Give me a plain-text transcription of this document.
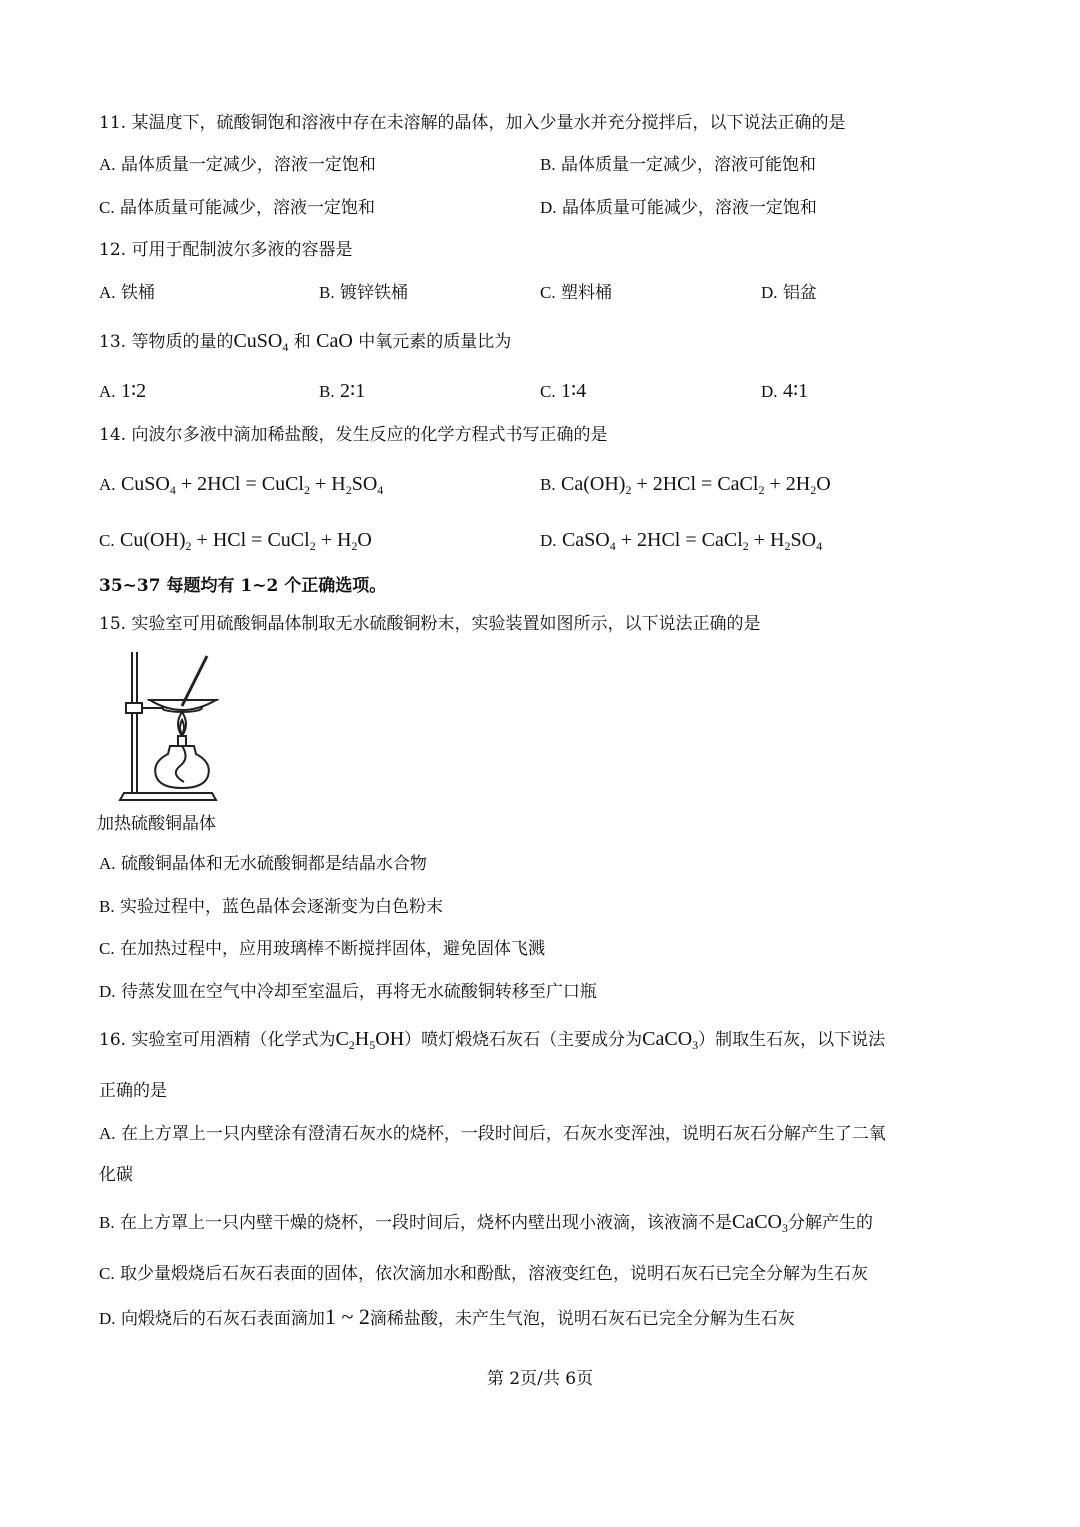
11. 某温度下，硫酸铜饱和溶液中存在未溶解的晶体，加入少量水并充分搅拌后，以下说法正确的是
A. 晶体质量一定减少，溶液一定饱和	B. 晶体质量一定减少，溶液可能饱和
C. 晶体质量可能减少，溶液一定饱和	D. 晶体质量可能减少，溶液一定饱和
12. 可用于配制波尔多液的容器是
A. 铁桶	B. 镀锌铁桶	C. 塑料桶	D. 铝盆
13. 等物质的量的CuSO$_4$ 和 CaO 中氧元素的质量比为
A. 1∶2	B. 2∶1	C. 1∶4	D. 4∶1
14. 向波尔多液中滴加稀盐酸，发生反应的化学方程式书写正确的是
A. CuSO$_4$ + 2HCl = CuCl$_2$ + $H_2SO_4$	B. $Ca(OH)_2 + 2HCl$ = CaCl$_2$ + $2H_2O$
C. $Cu(OH)_2$ + HCl = CuCl$_2$ + $H_2O$	D. CaSO$_4$ + 2HCl = CaCl$_2$ + $H_2SO_4$
35~37 每题均有 1~2 个正确选项。
15. 实验室可用硫酸铜晶体制取无水硫酸铜粉末，实验装置如图所示，以下说法正确的是
加热硫酸铜晶体
A. 硫酸铜晶体和无水硫酸铜都是结晶水合物
B. 实验过程中，蓝色晶体会逐渐变为白色粉末
C. 在加热过程中，应用玻璃棒不断搅拌固体，避免固体飞溅
D. 待蒸发皿在空气中冷却至室温后，再将无水硫酸铜转移至广口瓶
16. 实验室可用酒精（化学式为$C_2H_5OH$）喷灯煅烧石灰石（主要成分为CaCO$_3$）制取生石灰，以下说法
正确的是
A. 在上方罩上一只内壁涂有澄清石灰水的烧杯，一段时间后，石灰水变浑浊，说明石灰石分解产生了二氧
化碳
B. 在上方罩上一只内壁干燥的烧杯，一段时间后，烧杯内壁出现小液滴，该液滴不是CaCO$_3$分解产生的
C. 取少量煅烧后石灰石表面的固体，依次滴加水和酚酞，溶液变红色，说明石灰石已完全分解为生石灰
D. 向煅烧后的石灰石表面滴加1 ~ 2滴稀盐酸，未产生气泡，说明石灰石已完全分解为生石灰
第 2页/共 6页
